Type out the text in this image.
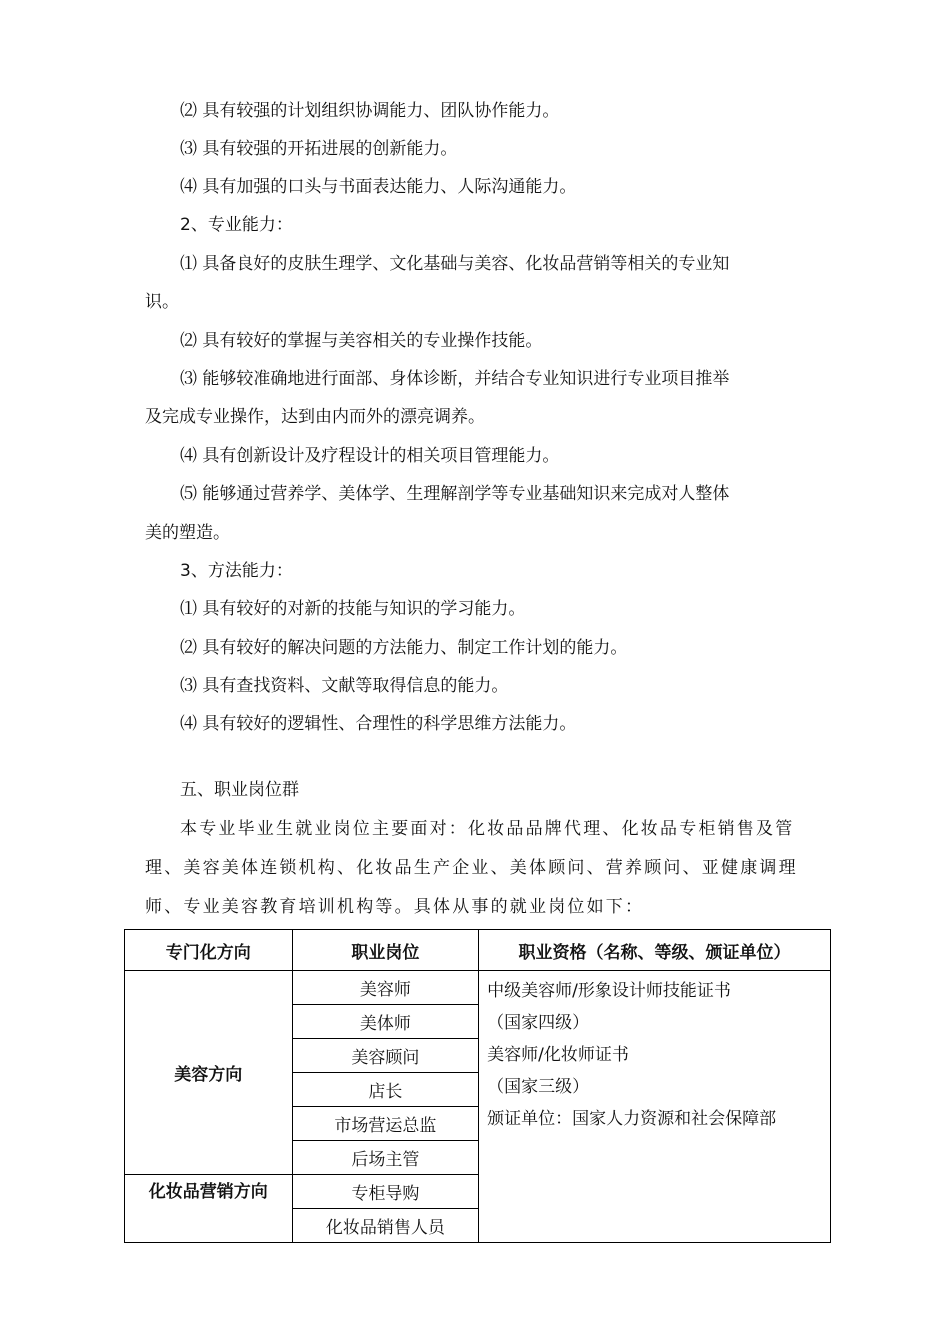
⑵ 具有较强的计划组织协调能力、团队协作能力。
⑶ 具有较强的开拓进展的创新能力。
⑷ 具有加强的口头与书面表达能力、人际沟通能力。
2、专业能力：
⑴ 具备良好的皮肤生理学、文化基础与美容、化妆品营销等相关的专业知
识。
⑵ 具有较好的掌握与美容相关的专业操作技能。
⑶ 能够较准确地进行面部、身体诊断，并结合专业知识进行专业项目推举
及完成专业操作，达到由内而外的漂亮调养。
⑷ 具有创新设计及疗程设计的相关项目管理能力。
⑸ 能够通过营养学、美体学、生理解剖学等专业基础知识来完成对人整体
美的塑造。
3、方法能力：
⑴ 具有较好的对新的技能与知识的学习能力。
⑵ 具有较好的解决问题的方法能力、制定工作计划的能力。
⑶ 具有查找资料、文献等取得信息的能力。
⑷ 具有较好的逻辑性、合理性的科学思维方法能力。
五、职业岗位群
本专业毕业生就业岗位主要面对：化妆品品牌代理、化妆品专柜销售及管
理、美容美体连锁机构、化妆品生产企业、美体顾问、营养顾问、亚健康调理
师、专业美容教育培训机构等。具体从事的就业岗位如下：
专门化方向	职业岗位	职业资格（名称、等级、颁证单位）
美容方向	美容师	中级美容师/形象设计师技能证书
（国家四级）
美容师/化妆师证书
（国家三级）
颁证单位：国家人力资源和社会保障部

	美体师	
	美容顾问	
	店长	
	市场营运总监	
	后场主管	
化妆品营销方向	专柜导购	
	化妆品销售人员	
